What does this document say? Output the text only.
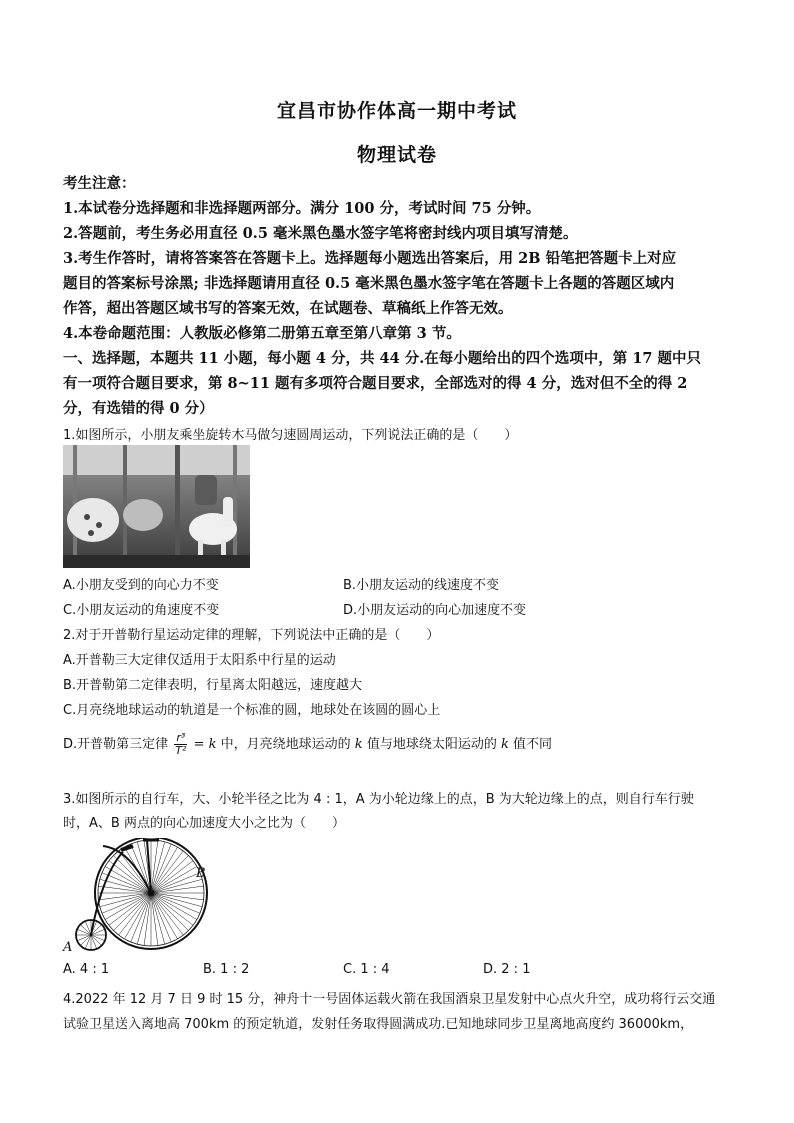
宜昌市协作体高一期中考试
物理试卷
考生注意：
1.本试卷分选择题和非选择题两部分。满分 100 分，考试时间 75 分钟。
2.答题前，考生务必用直径 0.5 毫米黑色墨水签字笔将密封线内项目填写清楚。
3.考生作答时，请将答案答在答题卡上。选择题每小题选出答案后，用 2B 铅笔把答题卡上对应
题目的答案标号涂黑; 非选择题请用直径 0.5 毫米黑色墨水签字笔在答题卡上各题的答题区域内
作答，超出答题区域书写的答案无效，在试题卷、草稿纸上作答无效。
4.本卷命题范围：人教版必修第二册第五章至第八章第 3 节。
一、选择题，本题共 11 小题，每小题 4 分，共 44 分.在每小题给出的四个选项中，第 17 题中只
有一项符合题目要求，第 8~11 题有多项符合题目要求，全部选对的得 4 分，选对但不全的得 2
分，有选错的得 0 分）
1.如图所示，小朋友乘坐旋转木马做匀速圆周运动，下列说法正确的是（　　）
A.小朋友受到的向心力不变	B.小朋友运动的线速度不变
C.小朋友运动的角速度不变	D.小朋友运动的向心加速度不变
2.对于开普勒行星运动定律的理解，下列说法中正确的是（　　）
A.开普勒三大定律仅适用于太阳系中行星的运动
B.开普勒第二定律表明，行星离太阳越远，速度越大
C.月亮绕地球运动的轨道是一个标准的圆，地球处在该圆的圆心上
D.开普勒第三定律 $\frac{\text{r³}}{\text{T²}} = k$ 中，月亮绕地球运动的 k 值与地球绕太阳运动的 k 值不同
3.如图所示的自行车，大、小轮半径之比为 4 : 1，A 为小轮边缘上的点，B 为大轮边缘上的点，则自行车行驶
时，A、B 两点的向心加速度大小之比为（　　）
A
B
A. 4 : 1	B. 1 : 2	C. 1 : 4	D. 2 : 1
4.2022 年 12 月 7 日 9 时 15 分，神舟十一号固体运载火箭在我国酒泉卫星发射中心点火升空，成功将行云交通
试验卫星送入离地高 700km 的预定轨道，发射任务取得圆满成功.已知地球同步卫星离地高度约 36000km，
